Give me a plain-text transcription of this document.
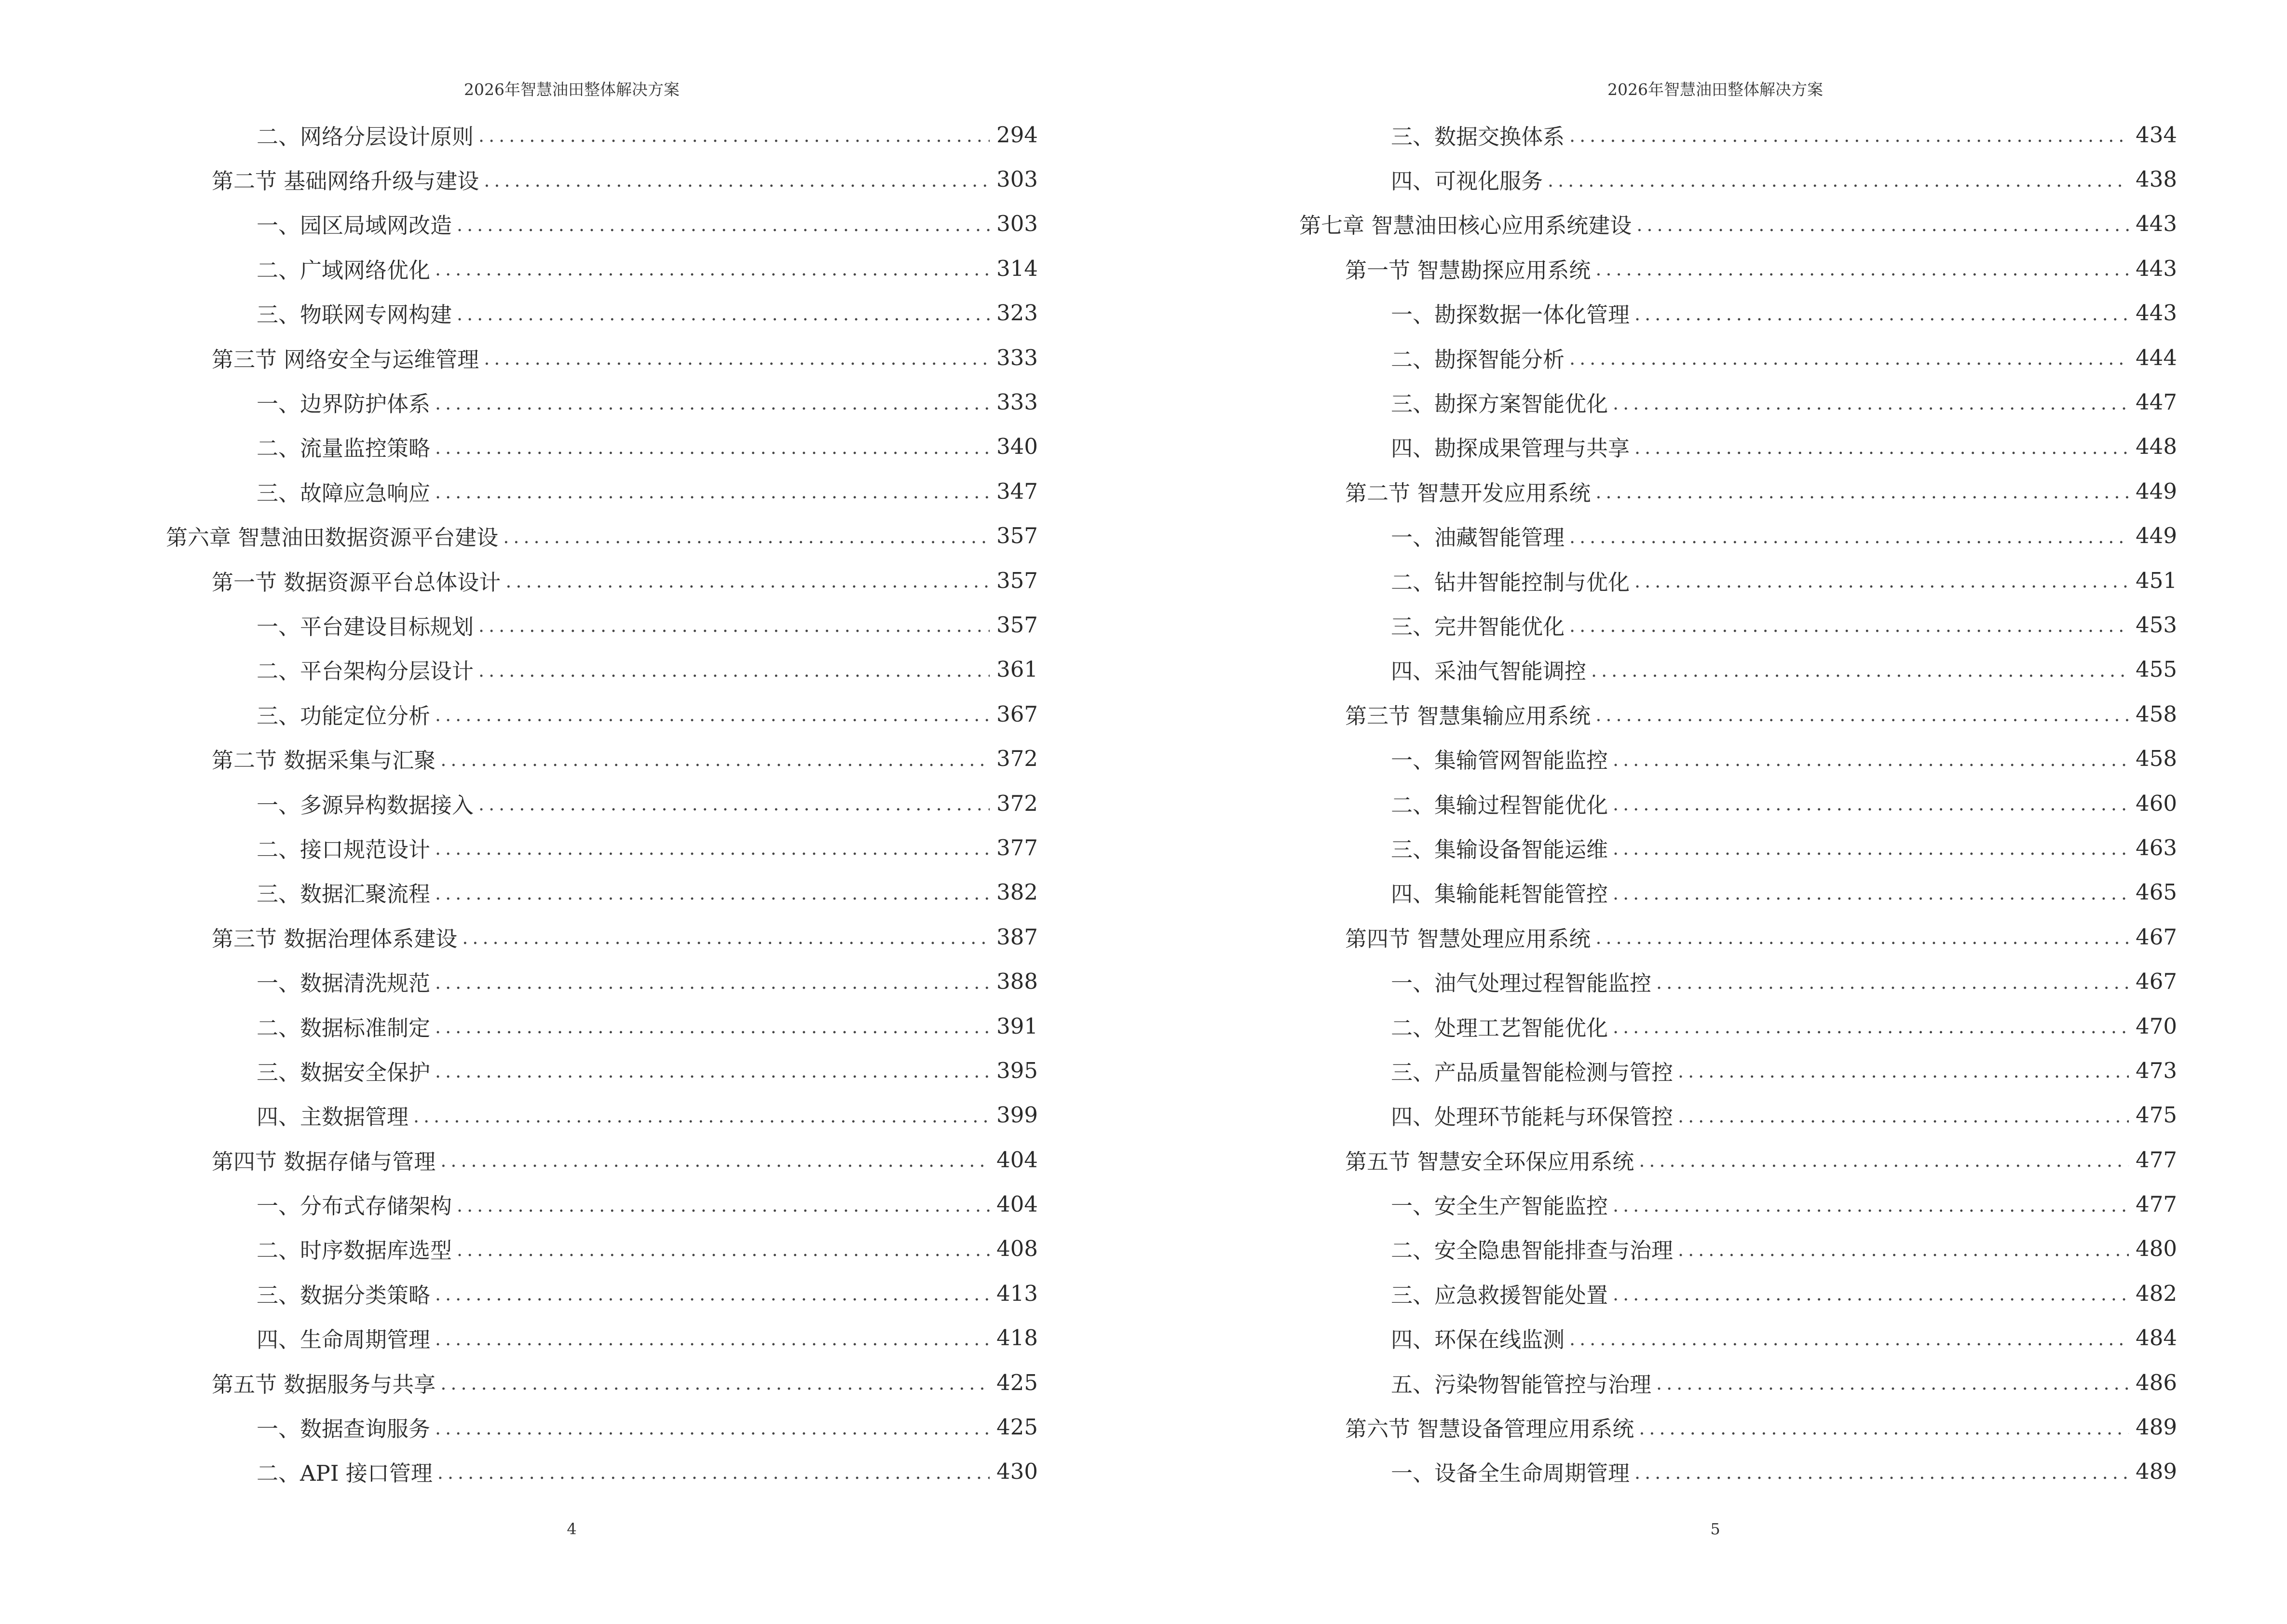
2026年智慧油田整体解决方案
二、网络分层设计原则 .....	294
第二节 基础网络升级与建设 .....	303
一、园区局域网改造 .....	303
二、广域网络优化 .....	314
三、物联网专网构建 .....	323
第三节 网络安全与运维管理 .....	333
一、边界防护体系 .....	333
二、流量监控策略 .....	340
三、故障应急响应 .....	347
第六章 智慧油田数据资源平台建设 .....	357
第一节 数据资源平台总体设计 .....	357
一、平台建设目标规划 .....	357
二、平台架构分层设计 .....	361
三、功能定位分析 .....	367
第二节 数据采集与汇聚 .....	372
一、多源异构数据接入 .....	372
二、接口规范设计 .....	377
三、数据汇聚流程 .....	382
第三节 数据治理体系建设 .....	387
一、数据清洗规范 .....	388
二、数据标准制定 .....	391
三、数据安全保护 .....	395
四、主数据管理 .....	399
第四节 数据存储与管理 .....	404
一、分布式存储架构 .....	404
二、时序数据库选型 .....	408
三、数据分类策略 .....	413
四、生命周期管理 .....	418
第五节 数据服务与共享 .....	425
一、数据查询服务 .....	425
二、API 接口管理 .....	430
4
2026年智慧油田整体解决方案
三、数据交换体系 .....	434
四、可视化服务 .....	438
第七章 智慧油田核心应用系统建设 .....	443
第一节 智慧勘探应用系统 .....	443
一、勘探数据一体化管理 .....	443
二、勘探智能分析 .....	444
三、勘探方案智能优化 .....	447
四、勘探成果管理与共享 .....	448
第二节 智慧开发应用系统 .....	449
一、油藏智能管理 .....	449
二、钻井智能控制与优化 .....	451
三、完井智能优化 .....	453
四、采油气智能调控 .....	455
第三节 智慧集输应用系统 .....	458
一、集输管网智能监控 .....	458
二、集输过程智能优化 .....	460
三、集输设备智能运维 .....	463
四、集输能耗智能管控 .....	465
第四节 智慧处理应用系统 .....	467
一、油气处理过程智能监控 .....	467
二、处理工艺智能优化 .....	470
三、产品质量智能检测与管控 .....	473
四、处理环节能耗与环保管控 .....	475
第五节 智慧安全环保应用系统 .....	477
一、安全生产智能监控 .....	477
二、安全隐患智能排查与治理 .....	480
三、应急救援智能处置 .....	482
四、环保在线监测 .....	484
五、污染物智能管控与治理 .....	486
第六节 智慧设备管理应用系统 .....	489
一、设备全生命周期管理 .....	489
5
